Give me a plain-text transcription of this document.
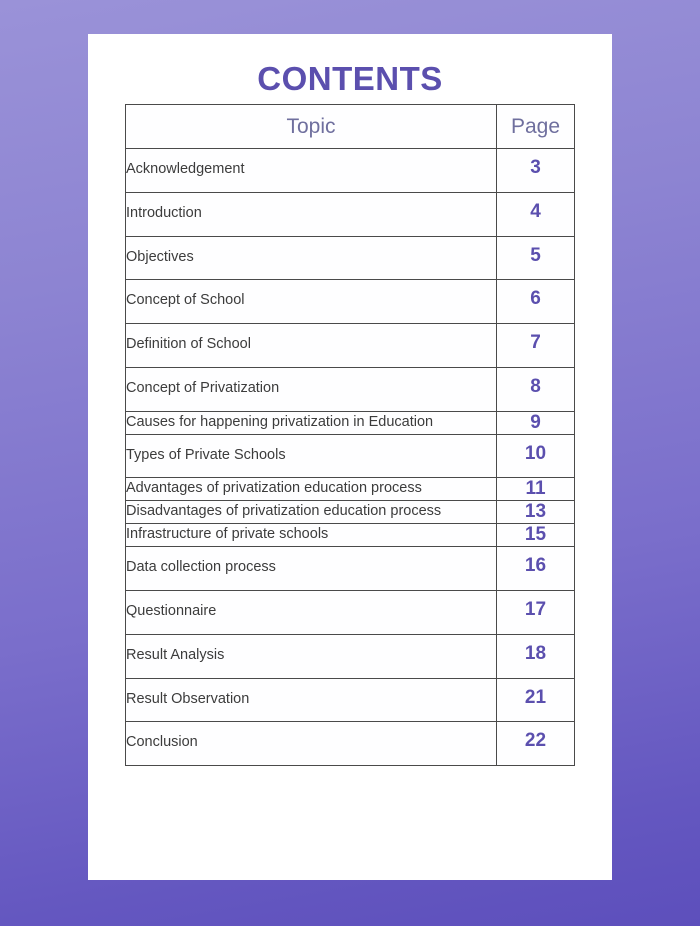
CONTENTS
Topic	Page
Acknowledgement	3
Introduction	4
Objectives	5
Concept of School	6
Definition of School	7
Concept of Privatization	8
Causes for happening privatization in Education	9
Types of Private Schools	10
Advantages of privatization education process	11
Disadvantages of privatization education process	13
Infrastructure of private schools	15
Data collection process	16
Questionnaire	17
Result Analysis	18
Result Observation	21
Conclusion	22
